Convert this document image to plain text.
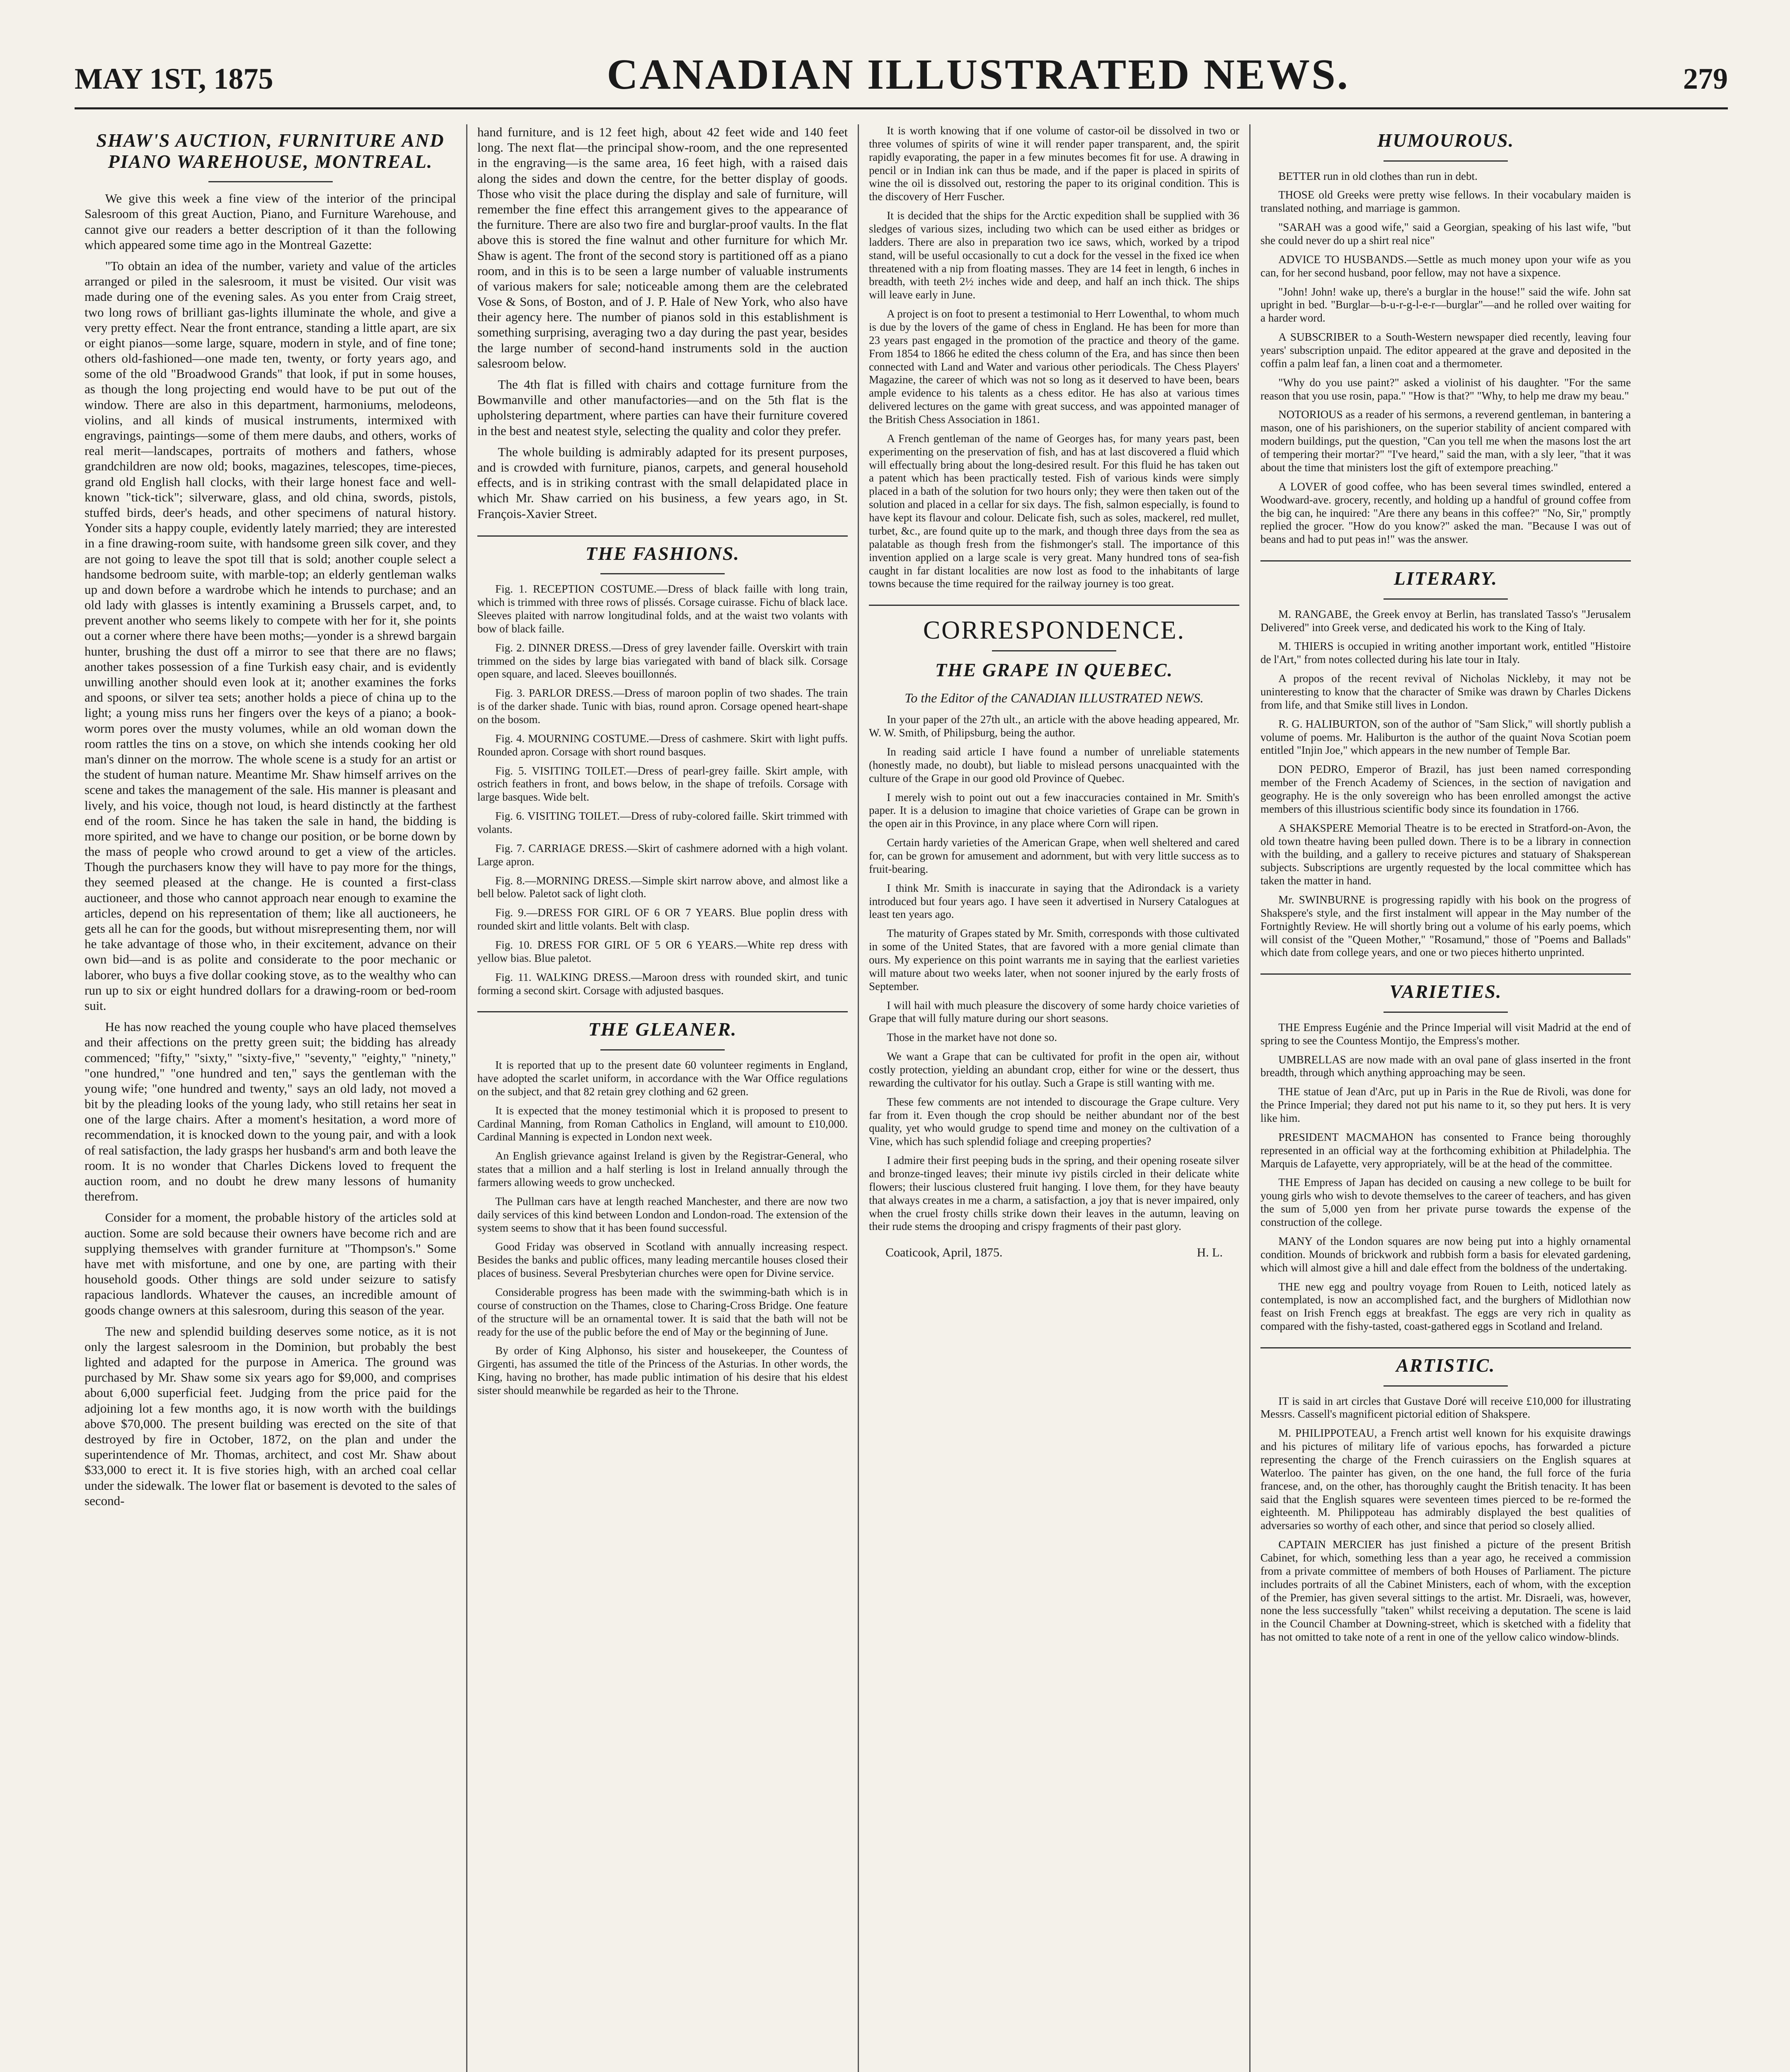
MAY 1ST, 1875	CANADIAN ILLUSTRATED NEWS.	279
SHAW'S AUCTION, FURNITURE AND PIANO WAREHOUSE, MONTREAL.

We give this week a fine view of the interior of the principal Salesroom of this great Auction, Piano, and Furniture Warehouse, and cannot give our readers a better description of it than the following which appeared some time ago in the Montreal Gazette:

"To obtain an idea of the number, variety and value of the articles arranged or piled in the salesroom, it must be visited. Our visit was made during one of the evening sales. As you enter from Craig street, two long rows of brilliant gas-lights illuminate the whole, and give a very pretty effect. Near the front entrance, standing a little apart, are six or eight pianos—some large, square, modern in style, and of fine tone; others old-fashioned—one made ten, twenty, or forty years ago, and some of the old "Broadwood Grands" that look, if put in some houses, as though the long projecting end would have to be put out of the window. There are also in this department, harmoniums, melodeons, violins, and all kinds of musical instruments, intermixed with engravings, paintings—some of them mere daubs, and others, works of real merit—landscapes, portraits of mothers and fathers, whose grandchildren are now old; books, magazines, telescopes, time-pieces, grand old English hall clocks, with their large honest face and well-known "tick-tick"; silverware, glass, and old china, swords, pistols, stuffed birds, deer's heads, and other specimens of natural history. Yonder sits a happy couple, evidently lately married; they are interested in a fine drawing-room suite, with handsome green silk cover, and they are not going to leave the spot till that is sold; another couple select a handsome bedroom suite, with marble-top; an elderly gentleman walks up and down before a wardrobe which he intends to purchase; and an old lady with glasses is intently examining a Brussels carpet, and, to prevent another who seems likely to compete with her for it, she points out a corner where there have been moths;—yonder is a shrewd bargain hunter, brushing the dust off a mirror to see that there are no flaws; another takes possession of a fine Turkish easy chair, and is evidently unwilling another should even look at it; another examines the forks and spoons, or silver tea sets; another holds a piece of china up to the light; a young miss runs her fingers over the keys of a piano; a book-worm pores over the musty volumes, while an old woman down the room rattles the tins on a stove, on which she intends cooking her old man's dinner on the morrow. The whole scene is a study for an artist or the student of human nature. Meantime Mr. Shaw himself arrives on the scene and takes the management of the sale. His manner is pleasant and lively, and his voice, though not loud, is heard distinctly at the farthest end of the room. Since he has taken the sale in hand, the bidding is more spirited, and we have to change our position, or be borne down by the mass of people who crowd around to get a view of the articles. Though the purchasers know they will have to pay more for the things, they seemed pleased at the change. He is counted a first-class auctioneer, and those who cannot approach near enough to examine the articles, depend on his representation of them; like all auctioneers, he gets all he can for the goods, but without misrepresenting them, nor will he take advantage of those who, in their excitement, advance on their own bid—and is as polite and considerate to the poor mechanic or laborer, who buys a five dollar cooking stove, as to the wealthy who can run up to six or eight hundred dollars for a drawing-room or bed-room suit.

He has now reached the young couple who have placed themselves and their affections on the pretty green suit; the bidding has already commenced; "fifty," "sixty," "sixty-five," "seventy," "eighty," "ninety," "one hundred," "one hundred and ten," says the gentleman with the young wife; "one hundred and twenty," says an old lady, not moved a bit by the pleading looks of the young lady, who still retains her seat in one of the large chairs. After a moment's hesitation, a word more of recommendation, it is knocked down to the young pair, and with a look of real satisfaction, the lady grasps her husband's arm and both leave the room. It is no wonder that Charles Dickens loved to frequent the auction room, and no doubt he drew many lessons of humanity therefrom.

Consider for a moment, the probable history of the articles sold at auction. Some are sold because their owners have become rich and are supplying themselves with grander furniture at "Thompson's." Some have met with misfortune, and one by one, are parting with their household goods. Other things are sold under seizure to satisfy rapacious landlords. Whatever the causes, an incredible amount of goods change owners at this salesroom, during this season of the year.

The new and splendid building deserves some notice, as it is not only the largest salesroom in the Dominion, but probably the best lighted and adapted for the purpose in America. The ground was purchased by Mr. Shaw some six years ago for $9,000, and comprises about 6,000 superficial feet. Judging from the price paid for the adjoining lot a few months ago, it is now worth with the buildings above $70,000. The present building was erected on the site of that destroyed by fire in October, 1872, on the plan and under the superintendence of Mr. Thomas, architect, and cost Mr. Shaw about $33,000 to erect it. It is five stories high, with an arched coal cellar under the sidewalk. The lower flat or basement is devoted to the sales of second-

hand furniture, and is 12 feet high, about 42 feet wide and 140 feet long. The next flat—the principal show-room, and the one represented in the engraving—is the same area, 16 feet high, with a raised dais along the sides and down the centre, for the better display of goods. Those who visit the place during the display and sale of furniture, will remember the fine effect this arrangement gives to the appearance of the furniture. There are also two fire and burglar-proof vaults. In the flat above this is stored the fine walnut and other furniture for which Mr. Shaw is agent. The front of the second story is partitioned off as a piano room, and in this is to be seen a large number of valuable instruments of various makers for sale; noticeable among them are the celebrated Vose & Sons, of Boston, and of J. P. Hale of New York, who also have their agency here. The number of pianos sold in this establishment is something surprising, averaging two a day during the past year, besides the large number of second-hand instruments sold in the auction salesroom below.

The 4th flat is filled with chairs and cottage furniture from the Bowmanville and other manufactories—and on the 5th flat is the upholstering department, where parties can have their furniture covered in the best and neatest style, selecting the quality and color they prefer.

The whole building is admirably adapted for its present purposes, and is crowded with furniture, pianos, carpets, and general household effects, and is in striking contrast with the small delapidated place in which Mr. Shaw carried on his business, a few years ago, in St. François-Xavier Street.

THE FASHIONS.

Fig. 1. RECEPTION COSTUME.—Dress of black faille with long train, which is trimmed with three rows of plissés. Corsage cuirasse. Fichu of black lace. Sleeves plaited with narrow longitudinal folds, and at the waist two volants with bow of black faille.

Fig. 2. DINNER DRESS.—Dress of grey lavender faille. Overskirt with train trimmed on the sides by large bias variegated with band of black silk. Corsage open square, and laced. Sleeves bouillonnés.

Fig. 3. PARLOR DRESS.—Dress of maroon poplin of two shades. The train is of the darker shade. Tunic with bias, round apron. Corsage opened heart-shape on the bosom.

Fig. 4. MOURNING COSTUME.—Dress of cashmere. Skirt with light puffs. Rounded apron. Corsage with short round basques.

Fig. 5. VISITING TOILET.—Dress of pearl-grey faille. Skirt ample, with ostrich feathers in front, and bows below, in the shape of trefoils. Corsage with large basques. Wide belt.

Fig. 6. VISITING TOILET.—Dress of ruby-colored faille. Skirt trimmed with volants.

Fig. 7. CARRIAGE DRESS.—Skirt of cashmere adorned with a high volant. Large apron.

Fig. 8.—MORNING DRESS.—Simple skirt narrow above, and almost like a bell below. Paletot sack of light cloth.

Fig. 9.—DRESS FOR GIRL OF 6 OR 7 YEARS. Blue poplin dress with rounded skirt and little volants. Belt with clasp.

Fig. 10. DRESS FOR GIRL OF 5 OR 6 YEARS.—White rep dress with yellow bias. Blue paletot.

Fig. 11. WALKING DRESS.—Maroon dress with rounded skirt, and tunic forming a second skirt. Corsage with adjusted basques.

THE GLEANER.

It is reported that up to the present date 60 volunteer regiments in England, have adopted the scarlet uniform, in accordance with the War Office regulations on the subject, and that 82 retain grey clothing and 62 green.

It is expected that the money testimonial which it is proposed to present to Cardinal Manning, from Roman Catholics in England, will amount to £10,000. Cardinal Manning is expected in London next week.

An English grievance against Ireland is given by the Registrar-General, who states that a million and a half sterling is lost in Ireland annually through the farmers allowing weeds to grow unchecked.

The Pullman cars have at length reached Manchester, and there are now two daily services of this kind between London and London-road. The extension of the system seems to show that it has been found successful.

Good Friday was observed in Scotland with annually increasing respect. Besides the banks and public offices, many leading mercantile houses closed their places of business. Several Presbyterian churches were open for Divine service.

Considerable progress has been made with the swimming-bath which is in course of construction on the Thames, close to Charing-Cross Bridge. One feature of the structure will be an ornamental tower. It is said that the bath will not be ready for the use of the public before the end of May or the beginning of June.

By order of King Alphonso, his sister and housekeeper, the Countess of Girgenti, has assumed the title of the Princess of the Asturias. In other words, the King, having no brother, has made public intimation of his desire that his eldest sister should meanwhile be regarded as heir to the Throne.

It is worth knowing that if one volume of castor-oil be dissolved in two or three volumes of spirits of wine it will render paper transparent, and, the spirit rapidly evaporating, the paper in a few minutes becomes fit for use. A drawing in pencil or in Indian ink can thus be made, and if the paper is placed in spirits of wine the oil is dissolved out, restoring the paper to its original condition. This is the discovery of Herr Fuscher.

It is decided that the ships for the Arctic expedition shall be supplied with 36 sledges of various sizes, including two which can be used either as bridges or ladders. There are also in preparation two ice saws, which, worked by a tripod stand, will be useful occasionally to cut a dock for the vessel in the fixed ice when threatened with a nip from floating masses. They are 14 feet in length, 6 inches in breadth, with teeth 2½ inches wide and deep, and half an inch thick. The ships will leave early in June.

A project is on foot to present a testimonial to Herr Lowenthal, to whom much is due by the lovers of the game of chess in England. He has been for more than 23 years past engaged in the promotion of the practice and theory of the game. From 1854 to 1866 he edited the chess column of the Era, and has since then been connected with Land and Water and various other periodicals. The Chess Players' Magazine, the career of which was not so long as it deserved to have been, bears ample evidence to his talents as a chess editor. He has also at various times delivered lectures on the game with great success, and was appointed manager of the British Chess Association in 1861.

A French gentleman of the name of Georges has, for many years past, been experimenting on the preservation of fish, and has at last discovered a fluid which will effectually bring about the long-desired result. For this fluid he has taken out a patent which has been practically tested. Fish of various kinds were simply placed in a bath of the solution for two hours only; they were then taken out of the solution and placed in a cellar for six days. The fish, salmon especially, is found to have kept its flavour and colour. Delicate fish, such as soles, mackerel, red mullet, turbet, &c., are found quite up to the mark, and though three days from the sea as palatable as though fresh from the fishmonger's stall. The importance of this invention applied on a large scale is very great. Many hundred tons of sea-fish caught in far distant localities are now lost as food to the inhabitants of large towns because the time required for the railway journey is too great.

CORRESPONDENCE.
THE GRAPE IN QUEBEC.
To the Editor of the CANADIAN ILLUSTRATED NEWS.

In your paper of the 27th ult., an article with the above heading appeared, Mr. W. W. Smith, of Philipsburg, being the author.

In reading said article I have found a number of unreliable statements (honestly made, no doubt), but liable to mislead persons unacquainted with the culture of the Grape in our good old Province of Quebec.

I merely wish to point out out a few inaccuracies contained in Mr. Smith's paper. It is a delusion to imagine that choice varieties of Grape can be grown in the open air in this Province, in any place where Corn will ripen.

Certain hardy varieties of the American Grape, when well sheltered and cared for, can be grown for amusement and adornment, but with very little success as to fruit-bearing.

I think Mr. Smith is inaccurate in saying that the Adirondack is a variety introduced but four years ago. I have seen it advertised in Nursery Catalogues at least ten years ago.

The maturity of Grapes stated by Mr. Smith, corresponds with those cultivated in some of the United States, that are favored with a more genial climate than ours. My experience on this point warrants me in saying that the earliest varieties will mature about two weeks later, when not sooner injured by the early frosts of September.

I will hail with much pleasure the discovery of some hardy choice varieties of Grape that will fully mature during our short seasons.

Those in the market have not done so.

We want a Grape that can be cultivated for profit in the open air, without costly protection, yielding an abundant crop, either for wine or the dessert, thus rewarding the cultivator for his outlay. Such a Grape is still wanting with me.

These few comments are not intended to discourage the Grape culture. Very far from it. Even though the crop should be neither abundant nor of the best quality, yet who would grudge to spend time and money on the cultivation of a Vine, which has such splendid foliage and creeping properties?

I admire their first peeping buds in the spring, and their opening roseate silver and bronze-tinged leaves; their minute ivy pistils circled in their delicate white flowers; their luscious clustered fruit hanging. I love them, for they have beauty that always creates in me a charm, a satisfaction, a joy that is never impaired, only when the cruel frosty chills strike down their leaves in the autumn, leaving on their rude stems the drooping and crispy fragments of their past glory.

Coaticook, April, 1875.	H. L.
HUMOUROUS.

BETTER run in old clothes than run in debt.

THOSE old Greeks were pretty wise fellows. In their vocabulary maiden is translated nothing, and marriage is gammon.

"SARAH was a good wife," said a Georgian, speaking of his last wife, "but she could never do up a shirt real nice"

ADVICE TO HUSBANDS.—Settle as much money upon your wife as you can, for her second husband, poor fellow, may not have a sixpence.

"John! John! wake up, there's a burglar in the house!" said the wife. John sat upright in bed. "Burglar—b-u-r-g-l-e-r—burglar"—and he rolled over waiting for a harder word.

A SUBSCRIBER to a South-Western newspaper died recently, leaving four years' subscription unpaid. The editor appeared at the grave and deposited in the coffin a palm leaf fan, a linen coat and a thermometer.

"Why do you use paint?" asked a violinist of his daughter. "For the same reason that you use rosin, papa." "How is that?" "Why, to help me draw my beau."

NOTORIOUS as a reader of his sermons, a reverend gentleman, in bantering a mason, one of his parishioners, on the superior stability of ancient compared with modern buildings, put the question, "Can you tell me when the masons lost the art of tempering their mortar?" "I've heard," said the man, with a sly leer, "that it was about the time that ministers lost the gift of extempore preaching."

A LOVER of good coffee, who has been several times swindled, entered a Woodward-ave. grocery, recently, and holding up a handful of ground coffee from the big can, he inquired: "Are there any beans in this coffee?" "No, Sir," promptly replied the grocer. "How do you know?" asked the man. "Because I was out of beans and had to put peas in!" was the answer.

LITERARY.

M. RANGABE, the Greek envoy at Berlin, has translated Tasso's "Jerusalem Delivered" into Greek verse, and dedicated his work to the King of Italy.

M. THIERS is occupied in writing another important work, entitled "Histoire de l'Art," from notes collected during his late tour in Italy.

A propos of the recent revival of Nicholas Nickleby, it may not be uninteresting to know that the character of Smike was drawn by Charles Dickens from life, and that Smike still lives in London.

R. G. HALIBURTON, son of the author of "Sam Slick," will shortly publish a volume of poems. Mr. Haliburton is the author of the quaint Nova Scotian poem entitled "Injin Joe," which appears in the new number of Temple Bar.

DON PEDRO, Emperor of Brazil, has just been named corresponding member of the French Academy of Sciences, in the section of navigation and geography. He is the only sovereign who has been enrolled amongst the active members of this illustrious scientific body since its foundation in 1766.

A SHAKSPERE Memorial Theatre is to be erected in Stratford-on-Avon, the old town theatre having been pulled down. There is to be a library in connection with the building, and a gallery to receive pictures and statuary of Shaksperean subjects. Subscriptions are urgently requested by the local committee which has taken the matter in hand.

Mr. SWINBURNE is progressing rapidly with his book on the progress of Shakspere's style, and the first instalment will appear in the May number of the Fortnightly Review. He will shortly bring out a volume of his early poems, which will consist of the "Queen Mother," "Rosamund," those of "Poems and Ballads" which date from college years, and one or two pieces hitherto unprinted.

VARIETIES.

THE Empress Eugénie and the Prince Imperial will visit Madrid at the end of spring to see the Countess Montijo, the Empress's mother.

UMBRELLAS are now made with an oval pane of glass inserted in the front breadth, through which anything approaching may be seen.

THE statue of Jean d'Arc, put up in Paris in the Rue de Rivoli, was done for the Prince Imperial; they dared not put his name to it, so they put hers. It is very like him.

PRESIDENT MACMAHON has consented to France being thoroughly represented in an official way at the forthcoming exhibition at Philadelphia. The Marquis de Lafayette, very appropriately, will be at the head of the committee.

THE Empress of Japan has decided on causing a new college to be built for young girls who wish to devote themselves to the career of teachers, and has given the sum of 5,000 yen from her private purse towards the expense of the construction of the college.

MANY of the London squares are now being put into a highly ornamental condition. Mounds of brickwork and rubbish form a basis for elevated gardening, which will almost give a hill and dale effect from the boldness of the undertaking.

THE new egg and poultry voyage from Rouen to Leith, noticed lately as contemplated, is now an accomplished fact, and the burghers of Midlothian now feast on Irish French eggs at breakfast. The eggs are very rich in quality as compared with the fishy-tasted, coast-gathered eggs in Scotland and Ireland.

ARTISTIC.

IT is said in art circles that Gustave Doré will receive £10,000 for illustrating Messrs. Cassell's magnificent pictorial edition of Shakspere.

M. PHILIPPOTEAU, a French artist well known for his exquisite drawings and his pictures of military life of various epochs, has forwarded a picture representing the charge of the French cuirassiers on the English squares at Waterloo. The painter has given, on the one hand, the full force of the furia francese, and, on the other, has thoroughly caught the British tenacity. It has been said that the English squares were seventeen times pierced to be re-formed the eighteenth. M. Philippoteau has admirably displayed the best qualities of adversaries so worthy of each other, and since that period so closely allied.

CAPTAIN MERCIER has just finished a picture of the present British Cabinet, for which, something less than a year ago, he received a commission from a private committee of members of both Houses of Parliament. The picture includes portraits of all the Cabinet Ministers, each of whom, with the exception of the Premier, has given several sittings to the artist. Mr. Disraeli, was, however, none the less successfully "taken" whilst receiving a deputation. The scene is laid in the Council Chamber at Downing-street, which is sketched with a fidelity that has not omitted to take note of a rent in one of the yellow calico window-blinds.
